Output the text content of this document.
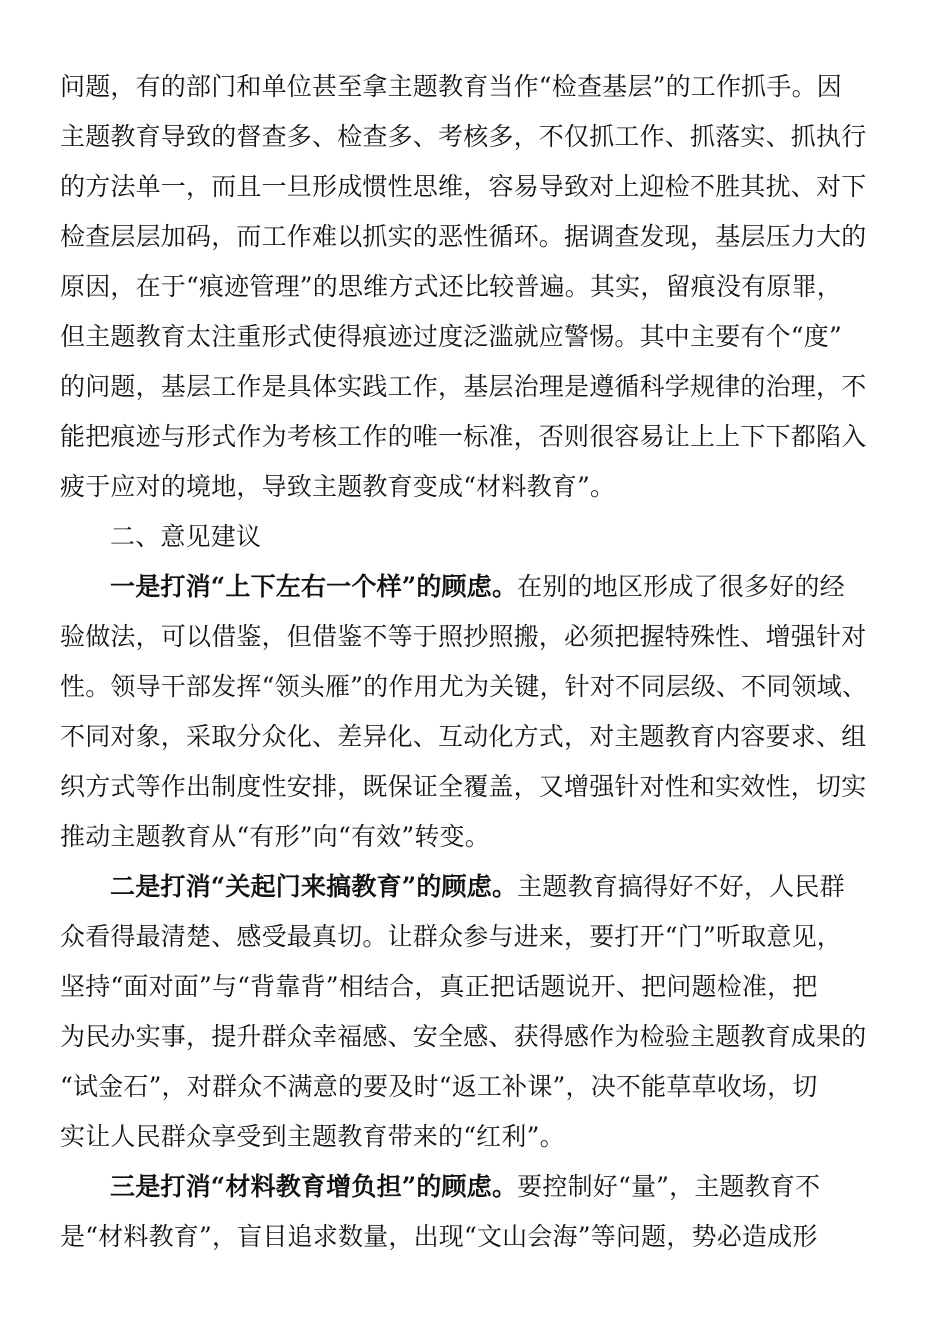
问题，有的部门和单位甚至拿主题教育当作“检查基层”的工作抓手。因
主题教育导致的督查多、检查多、考核多，不仅抓工作、抓落实、抓执行
的方法单一，而且一旦形成惯性思维，容易导致对上迎检不胜其扰、对下
检查层层加码，而工作难以抓实的恶性循环。据调查发现，基层压力大的
原因，在于“痕迹管理”的思维方式还比较普遍。其实，留痕没有原罪，
但主题教育太注重形式使得痕迹过度泛滥就应警惕。其中主要有个“度”
的问题，基层工作是具体实践工作，基层治理是遵循科学规律的治理，不
能把痕迹与形式作为考核工作的唯一标准，否则很容易让上上下下都陷入
疲于应对的境地，导致主题教育变成“材料教育”。
二、意见建议
一是打消“上下左右一个样”的顾虑。在别的地区形成了很多好的经
验做法，可以借鉴，但借鉴不等于照抄照搬，必须把握特殊性、增强针对
性。领导干部发挥“领头雁”的作用尤为关键，针对不同层级、不同领域、
不同对象，采取分众化、差异化、互动化方式，对主题教育内容要求、组
织方式等作出制度性安排，既保证全覆盖，又增强针对性和实效性，切实
推动主题教育从“有形”向“有效”转变。
二是打消“关起门来搞教育”的顾虑。主题教育搞得好不好，人民群
众看得最清楚、感受最真切。让群众参与进来，要打开“门”听取意见，
坚持“面对面”与“背靠背”相结合，真正把话题说开、把问题检准，把
为民办实事，提升群众幸福感、安全感、获得感作为检验主题教育成果的
“试金石”，对群众不满意的要及时“返工补课”，决不能草草收场，切
实让人民群众享受到主题教育带来的“红利”。
三是打消“材料教育增负担”的顾虑。要控制好“量”，主题教育不
是“材料教育”，盲目追求数量，出现“文山会海”等问题，势必造成形
